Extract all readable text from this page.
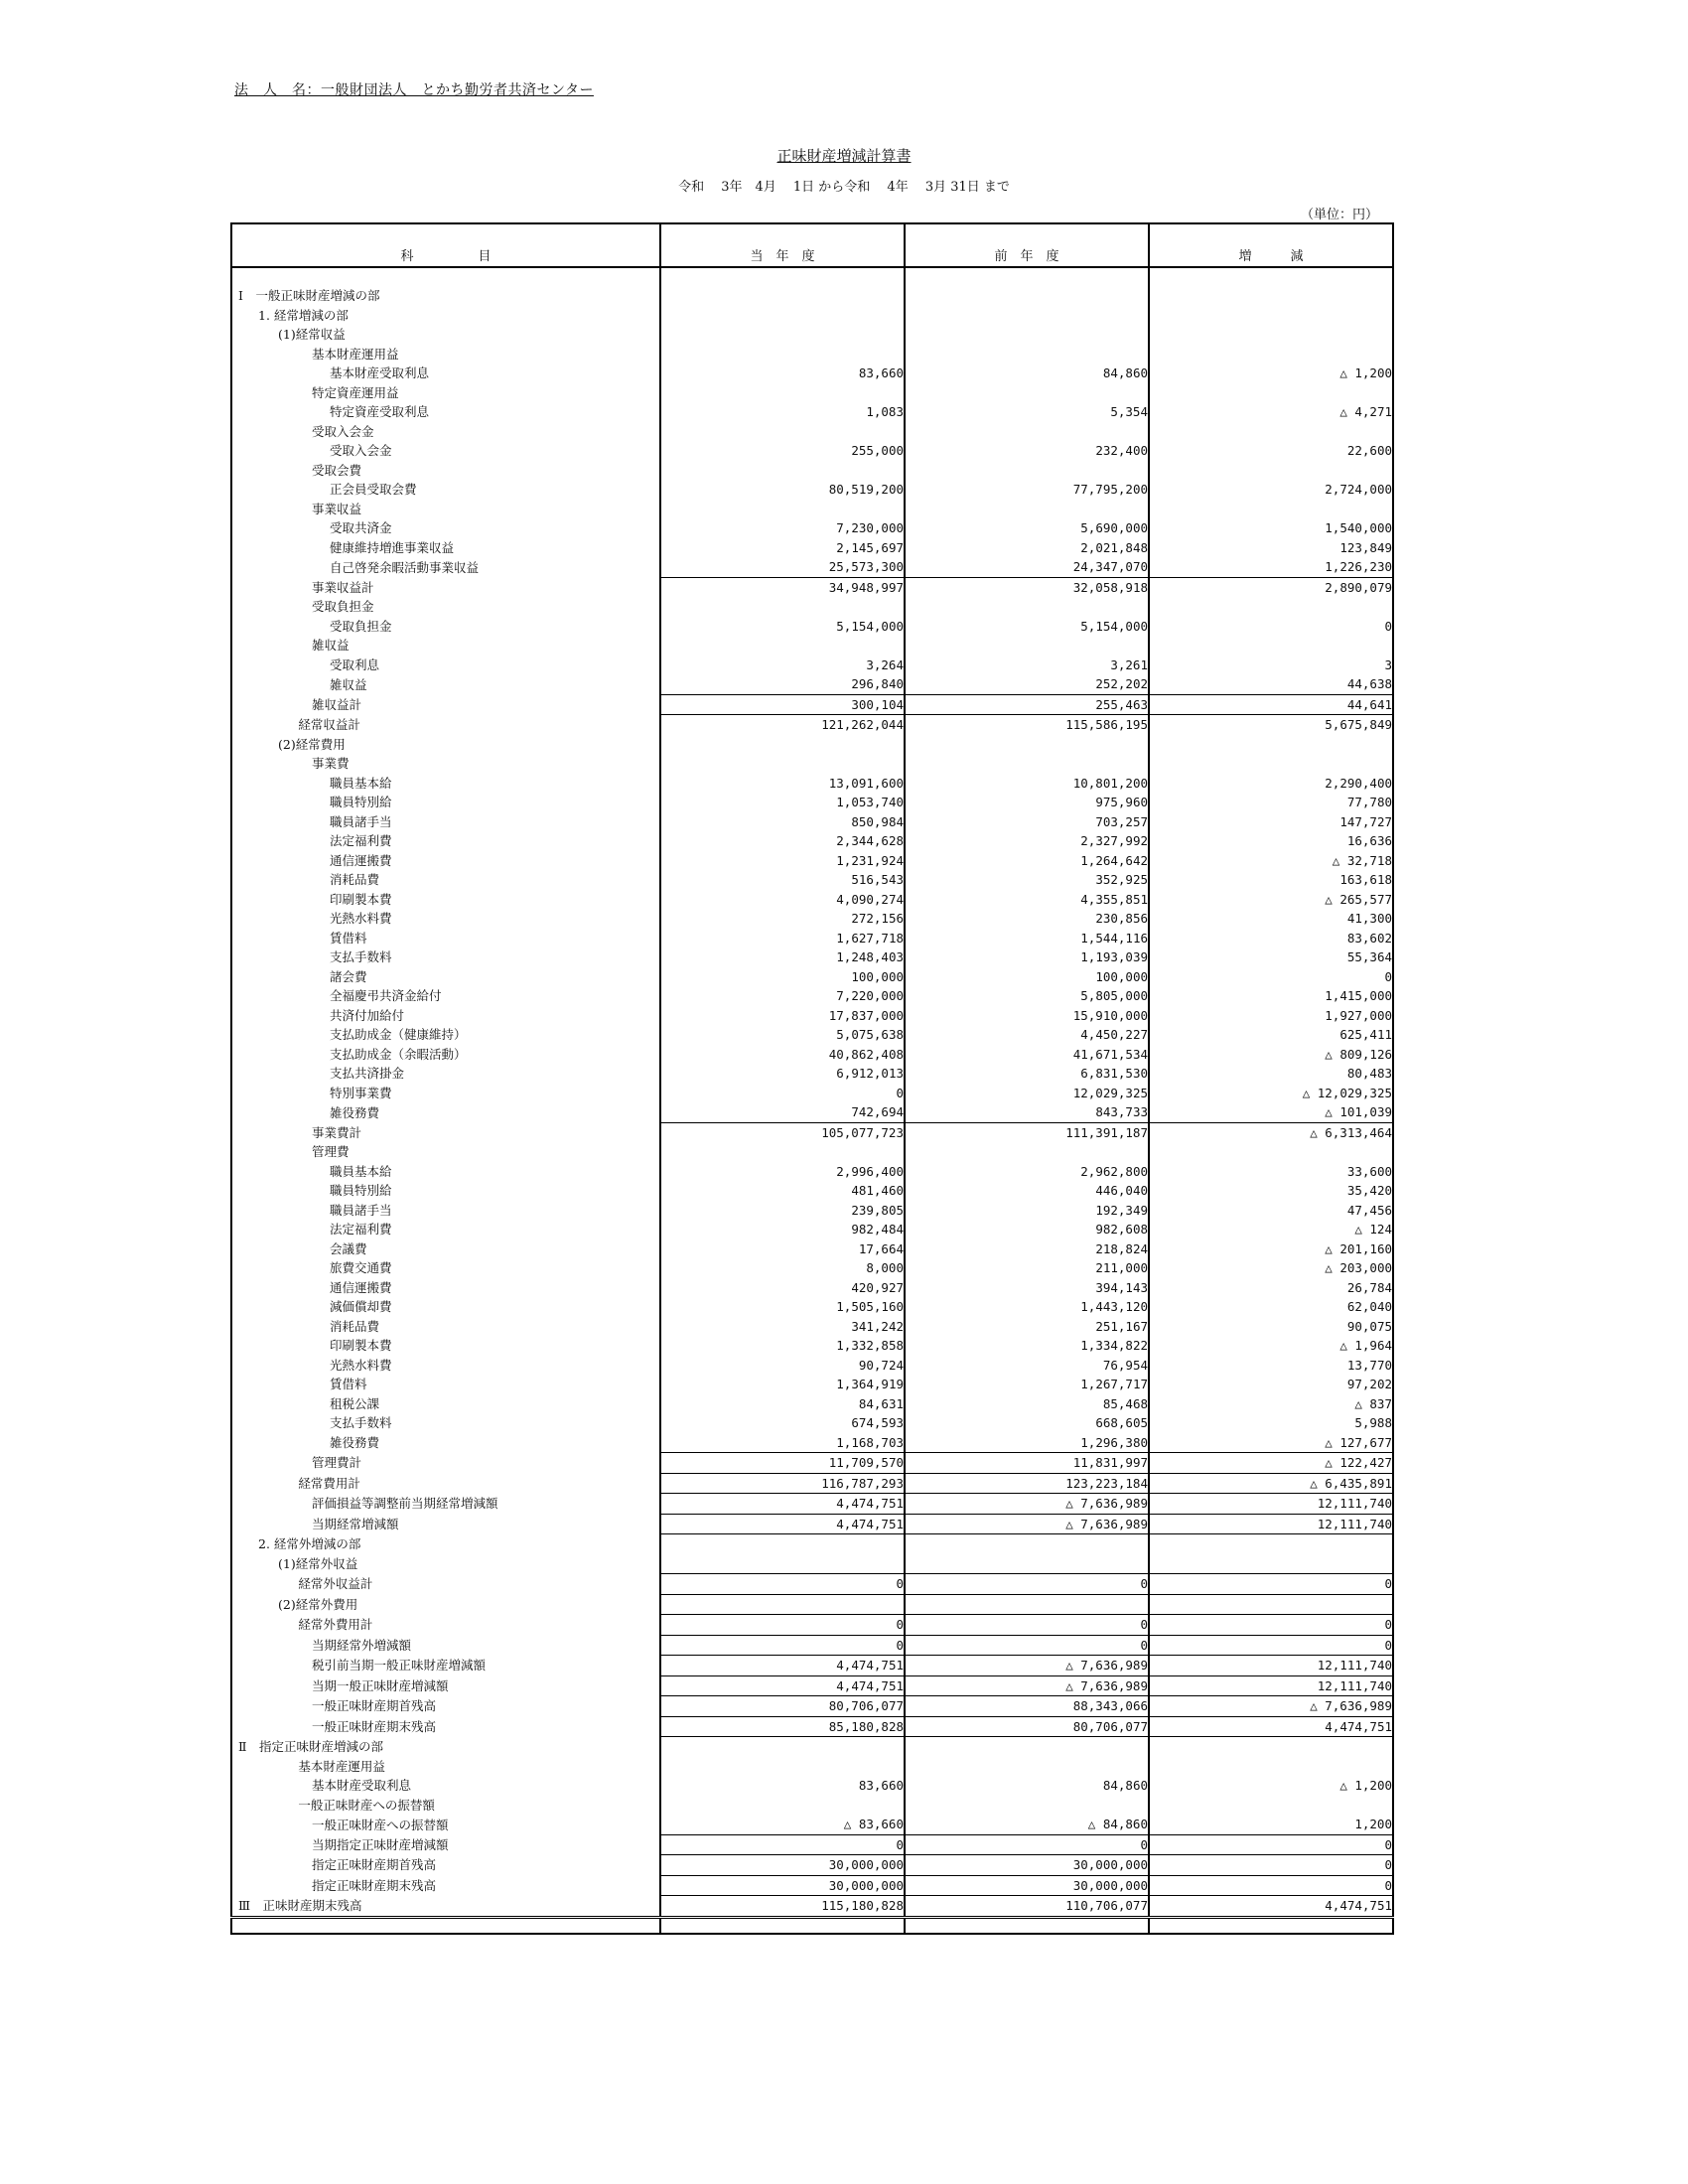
法　人　名：一般財団法人　とかち勤労者共済センター
正味財産増減計算書
令和　 3年　4月　 1日 から令和　 4年　 3月 31日 まで
（単位：円）
科　　　　　目	当　年　度	前　年　度	増　　　減

Ⅰ　一般正味財産増減の部			
1. 経常増減の部			
(1)経常収益			
基本財産運用益			
基本財産受取利息	83,660	84,860	△ 1,200
特定資産運用益			
特定資産受取利息	1,083	5,354	△ 4,271
受取入会金			
受取入会金	255,000	232,400	22,600
受取会費			
正会員受取会費	80,519,200	77,795,200	2,724,000
事業収益			
受取共済金	7,230,000	5,690,000	1,540,000
健康維持増進事業収益	2,145,697	2,021,848	123,849
自己啓発余暇活動事業収益	25,573,300	24,347,070	1,226,230
事業収益計	34,948,997	32,058,918	2,890,079
受取負担金			
受取負担金	5,154,000	5,154,000	0
雑収益			
受取利息	3,264	3,261	3
雑収益	296,840	252,202	44,638
雑収益計	300,104	255,463	44,641
経常収益計	121,262,044	115,586,195	5,675,849
(2)経常費用			
事業費			
職員基本給	13,091,600	10,801,200	2,290,400
職員特別給	1,053,740	975,960	77,780
職員諸手当	850,984	703,257	147,727
法定福利費	2,344,628	2,327,992	16,636
通信運搬費	1,231,924	1,264,642	△ 32,718
消耗品費	516,543	352,925	163,618
印刷製本費	4,090,274	4,355,851	△ 265,577
光熱水料費	272,156	230,856	41,300
賃借料	1,627,718	1,544,116	83,602
支払手数料	1,248,403	1,193,039	55,364
諸会費	100,000	100,000	0
全福慶弔共済金給付	7,220,000	5,805,000	1,415,000
共済付加給付	17,837,000	15,910,000	1,927,000
支払助成金（健康維持）	5,075,638	4,450,227	625,411
支払助成金（余暇活動）	40,862,408	41,671,534	△ 809,126
支払共済掛金	6,912,013	6,831,530	80,483
特別事業費	0	12,029,325	△ 12,029,325
雑役務費	742,694	843,733	△ 101,039
事業費計	105,077,723	111,391,187	△ 6,313,464
管理費			
職員基本給	2,996,400	2,962,800	33,600
職員特別給	481,460	446,040	35,420
職員諸手当	239,805	192,349	47,456
法定福利費	982,484	982,608	△ 124
会議費	17,664	218,824	△ 201,160
旅費交通費	8,000	211,000	△ 203,000
通信運搬費	420,927	394,143	26,784
減価償却費	1,505,160	1,443,120	62,040
消耗品費	341,242	251,167	90,075
印刷製本費	1,332,858	1,334,822	△ 1,964
光熱水料費	90,724	76,954	13,770
賃借料	1,364,919	1,267,717	97,202
租税公課	84,631	85,468	△ 837
支払手数料	674,593	668,605	5,988
雑役務費	1,168,703	1,296,380	△ 127,677
管理費計	11,709,570	11,831,997	△ 122,427
経常費用計	116,787,293	123,223,184	△ 6,435,891
評価損益等調整前当期経常増減額	4,474,751	△ 7,636,989	12,111,740
当期経常増減額	4,474,751	△ 7,636,989	12,111,740
2. 経常外増減の部			
(1)経常外収益			
経常外収益計	0	0	0
(2)経常外費用			
経常外費用計	0	0	0
当期経常外増減額	0	0	0
税引前当期一般正味財産増減額	4,474,751	△ 7,636,989	12,111,740
当期一般正味財産増減額	4,474,751	△ 7,636,989	12,111,740
一般正味財産期首残高	80,706,077	88,343,066	△ 7,636,989
一般正味財産期末残高	85,180,828	80,706,077	4,474,751
Ⅱ　指定正味財産増減の部			
基本財産運用益			
基本財産受取利息	83,660	84,860	△ 1,200
一般正味財産への振替額			
一般正味財産への振替額	△ 83,660	△ 84,860	1,200
当期指定正味財産増減額	0	0	0
指定正味財産期首残高	30,000,000	30,000,000	0
指定正味財産期末残高	30,000,000	30,000,000	0
Ⅲ　正味財産期末残高	115,180,828	110,706,077	4,474,751
